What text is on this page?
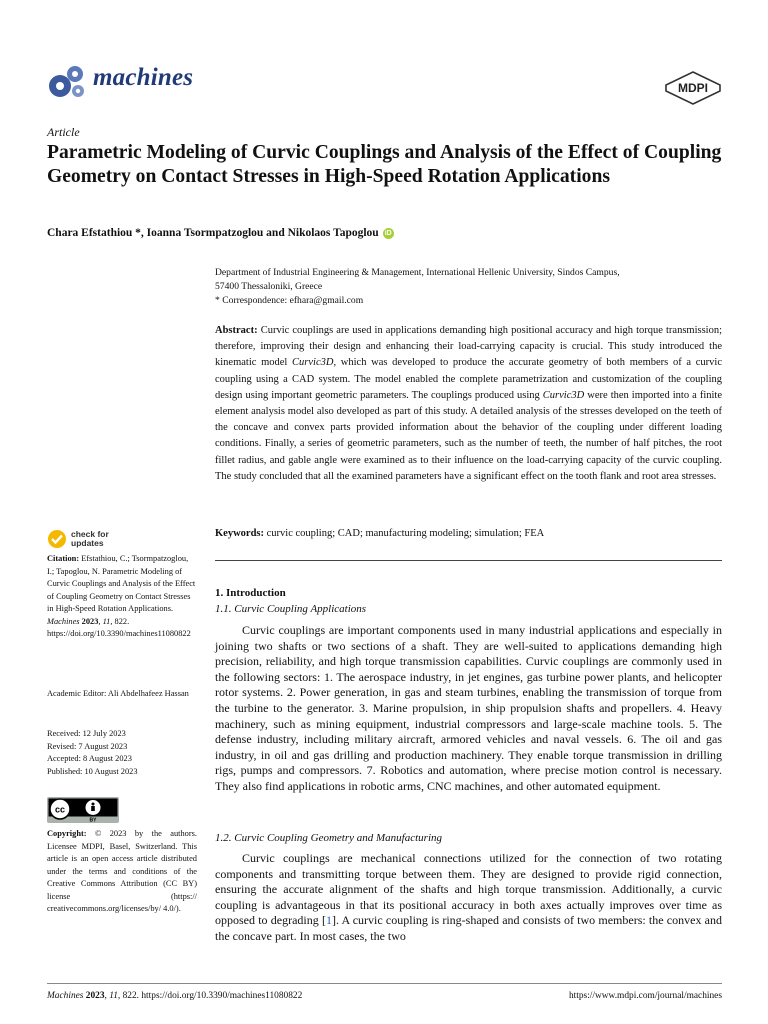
machines	MDPI
Article
Parametric Modeling of Curvic Couplings and Analysis of the Effect of Coupling Geometry on Contact Stresses in High-Speed Rotation Applications
Chara Efstathiou *, Ioanna Tsormpatzoglou and Nikolaos Tapoglou iD
Department of Industrial Engineering & Management, International Hellenic University, Sindos Campus,
57400 Thessaloniki, Greece
* Correspondence: efhara@gmail.com
Abstract: Curvic couplings are used in applications demanding high positional accuracy and high torque transmission; therefore, improving their design and enhancing their load-carrying capacity is crucial. This study introduced the kinematic model Curvic3D, which was developed to produce the accurate geometry of both members of a curvic coupling using a CAD system. The model enabled the complete parametrization and customization of the coupling design using important geometric parameters. The couplings produced using Curvic3D were then imported into a finite element analysis model also developed as part of this study. A detailed analysis of the stresses developed on the teeth of the concave and convex parts provided information about the behavior of the coupling under different loading conditions. Finally, a series of geometric parameters, such as the number of teeth, the number of half pitches, the root fillet radius, and gable angle were examined as to their influence on the load-carrying capacity of the curvic coupling. The study concluded that all the examined parameters have a significant effect on the tooth flank and root area stresses.
Keywords: curvic coupling; CAD; manufacturing modeling; simulation; FEA
check for
updates
Citation: Efstathiou, C.; Tsormpatzoglou, I.; Tapoglou, N. Parametric Modeling of Curvic Couplings and Analysis of the Effect of Coupling Geometry on Contact Stresses in High-Speed Rotation Applications. Machines 2023, 11, 822. https://doi.org/10.3390/machines11080822
Academic Editor: Ali Abdelhafeez Hassan
Received: 12 July 2023
Revised: 7 August 2023
Accepted: 8 August 2023
Published: 10 August 2023
cc
BY
Copyright: © 2023 by the authors. Licensee MDPI, Basel, Switzerland. This article is an open access article distributed under the terms and conditions of the Creative Commons Attribution (CC BY) license (https:// creativecommons.org/licenses/by/ 4.0/).
1. Introduction
1.1. Curvic Coupling Applications

Curvic couplings are important components used in many industrial applications and especially in joining two shafts or two sections of a shaft. They are well-suited to applications demanding high precision, reliability, and high torque transmission capabilities. Curvic couplings are commonly used in the following sectors: 1. The aerospace industry, in jet engines, gas turbine power plants, and helicopter rotor systems. 2. Power generation, in gas and steam turbines, enabling the transmission of torque from the turbine to the generator. 3. Marine propulsion, in ship propulsion shafts and propellers. 4. Heavy machinery, such as mining equipment, industrial compressors and large-scale machine tools. 5. The defense industry, including military aircraft, armored vehicles and naval vessels. 6. The oil and gas industry, in oil and gas drilling and production machinery. They enable torque transmission in drilling rigs, pumps and compressors. 7. Robotics and automation, where precise motion control is necessary. They also find applications in robotic arms, CNC machines, and other automated equipment.

1.2. Curvic Coupling Geometry and Manufacturing

Curvic couplings are mechanical connections utilized for the connection of two rotating components and transmitting torque between them. They are designed to provide rigid connection, ensuring the accurate alignment of the shafts and high torque transmission. Additionally, a curvic coupling is advantageous in that its positional accuracy in both axes actually improves over time as opposed to degrading [1]. A curvic coupling is ring-shaped and consists of two members: the convex and the concave part. In most cases, the two

Machines 2023, 11, 822. https://doi.org/10.3390/machines11080822	https://www.mdpi.com/journal/machines
